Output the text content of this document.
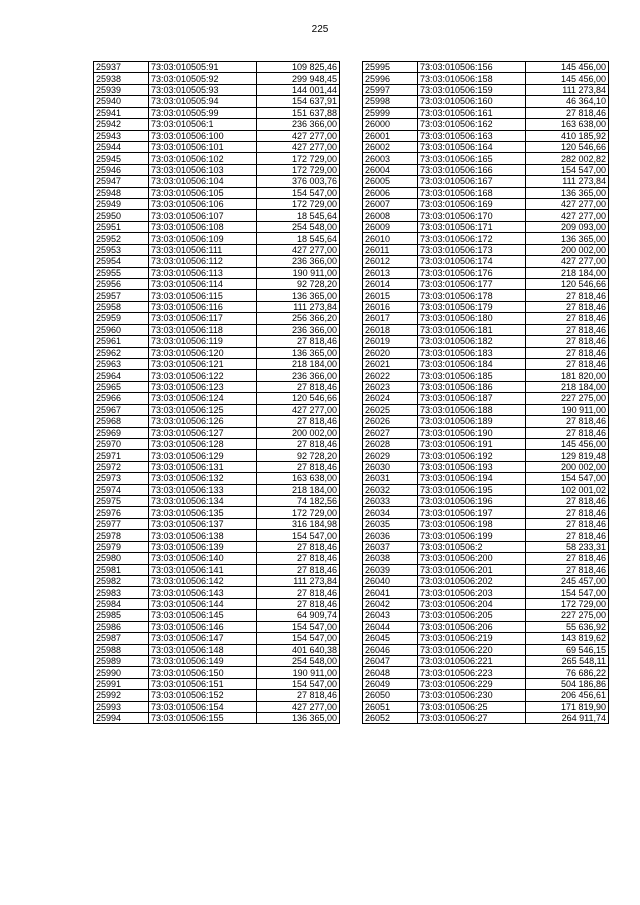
225
25937	73:03:010505:91	109 825,46
25938	73:03:010505:92	299 948,45
25939	73:03:010505:93	144 001,44
25940	73:03:010505:94	154 637,91
25941	73:03:010505:99	151 637,88
25942	73:03:010506:1	236 366,00
25943	73:03:010506:100	427 277,00
25944	73:03:010506:101	427 277,00
25945	73:03:010506:102	172 729,00
25946	73:03:010506:103	172 729,00
25947	73:03:010506:104	376 003,76
25948	73:03:010506:105	154 547,00
25949	73:03:010506:106	172 729,00
25950	73:03:010506:107	18 545,64
25951	73:03:010506:108	254 548,00
25952	73:03:010506:109	18 545,64
25953	73:03:010506:111	427 277,00
25954	73:03:010506:112	236 366,00
25955	73:03:010506:113	190 911,00
25956	73:03:010506:114	92 728,20
25957	73:03:010506:115	136 365,00
25958	73:03:010506:116	111 273,84
25959	73:03:010506:117	256 366,20
25960	73:03:010506:118	236 366,00
25961	73:03:010506:119	27 818,46
25962	73:03:010506:120	136 365,00
25963	73:03:010506:121	218 184,00
25964	73:03:010506:122	236 366,00
25965	73:03:010506:123	27 818,46
25966	73:03:010506:124	120 546,66
25967	73:03:010506:125	427 277,00
25968	73:03:010506:126	27 818,46
25969	73:03:010506:127	200 002,00
25970	73:03:010506:128	27 818,46
25971	73:03:010506:129	92 728,20
25972	73:03:010506:131	27 818,46
25973	73:03:010506:132	163 638,00
25974	73:03:010506:133	218 184,00
25975	73:03:010506:134	74 182,56
25976	73:03:010506:135	172 729,00
25977	73:03:010506:137	316 184,98
25978	73:03:010506:138	154 547,00
25979	73:03:010506:139	27 818,46
25980	73:03:010506:140	27 818,46
25981	73:03:010506:141	27 818,46
25982	73:03:010506:142	111 273,84
25983	73:03:010506:143	27 818,46
25984	73:03:010506:144	27 818,46
25985	73:03:010506:145	64 909,74
25986	73:03:010506:146	154 547,00
25987	73:03:010506:147	154 547,00
25988	73:03:010506:148	401 640,38
25989	73:03:010506:149	254 548,00
25990	73:03:010506:150	190 911,00
25991	73:03:010506:151	154 547,00
25992	73:03:010506:152	27 818,46
25993	73:03:010506:154	427 277,00
25994	73:03:010506:155	136 365,00
25995	73:03:010506:156	145 456,00
25996	73:03:010506:158	145 456,00
25997	73:03:010506:159	111 273,84
25998	73:03:010506:160	46 364,10
25999	73:03:010506:161	27 818,46
26000	73:03:010506:162	163 638,00
26001	73:03:010506:163	410 185,92
26002	73:03:010506:164	120 546,66
26003	73:03:010506:165	282 002,82
26004	73:03:010506:166	154 547,00
26005	73:03:010506:167	111 273,84
26006	73:03:010506:168	136 365,00
26007	73:03:010506:169	427 277,00
26008	73:03:010506:170	427 277,00
26009	73:03:010506:171	209 093,00
26010	73:03:010506:172	136 365,00
26011	73:03:010506:173	200 002,00
26012	73:03:010506:174	427 277,00
26013	73:03:010506:176	218 184,00
26014	73:03:010506:177	120 546,66
26015	73:03:010506:178	27 818,46
26016	73:03:010506:179	27 818,46
26017	73:03:010506:180	27 818,46
26018	73:03:010506:181	27 818,46
26019	73:03:010506:182	27 818,46
26020	73:03:010506:183	27 818,46
26021	73:03:010506:184	27 818,46
26022	73:03:010506:185	181 820,00
26023	73:03:010506:186	218 184,00
26024	73:03:010506:187	227 275,00
26025	73:03:010506:188	190 911,00
26026	73:03:010506:189	27 818,46
26027	73:03:010506:190	27 818,46
26028	73:03:010506:191	145 456,00
26029	73:03:010506:192	129 819,48
26030	73:03:010506:193	200 002,00
26031	73:03:010506:194	154 547,00
26032	73:03:010506:195	102 001,02
26033	73:03:010506:196	27 818,46
26034	73:03:010506:197	27 818,46
26035	73:03:010506:198	27 818,46
26036	73:03:010506:199	27 818,46
26037	73:03:010506:2	58 233,31
26038	73:03:010506:200	27 818,46
26039	73:03:010506:201	27 818,46
26040	73:03:010506:202	245 457,00
26041	73:03:010506:203	154 547,00
26042	73:03:010506:204	172 729,00
26043	73:03:010506:205	227 275,00
26044	73:03:010506:206	55 636,92
26045	73:03:010506:219	143 819,62
26046	73:03:010506:220	69 546,15
26047	73:03:010506:221	265 548,11
26048	73:03:010506:223	76 686,22
26049	73:03:010506:229	504 186,86
26050	73:03:010506:230	206 456,61
26051	73:03:010506:25	171 819,90
26052	73:03:010506:27	264 911,74
